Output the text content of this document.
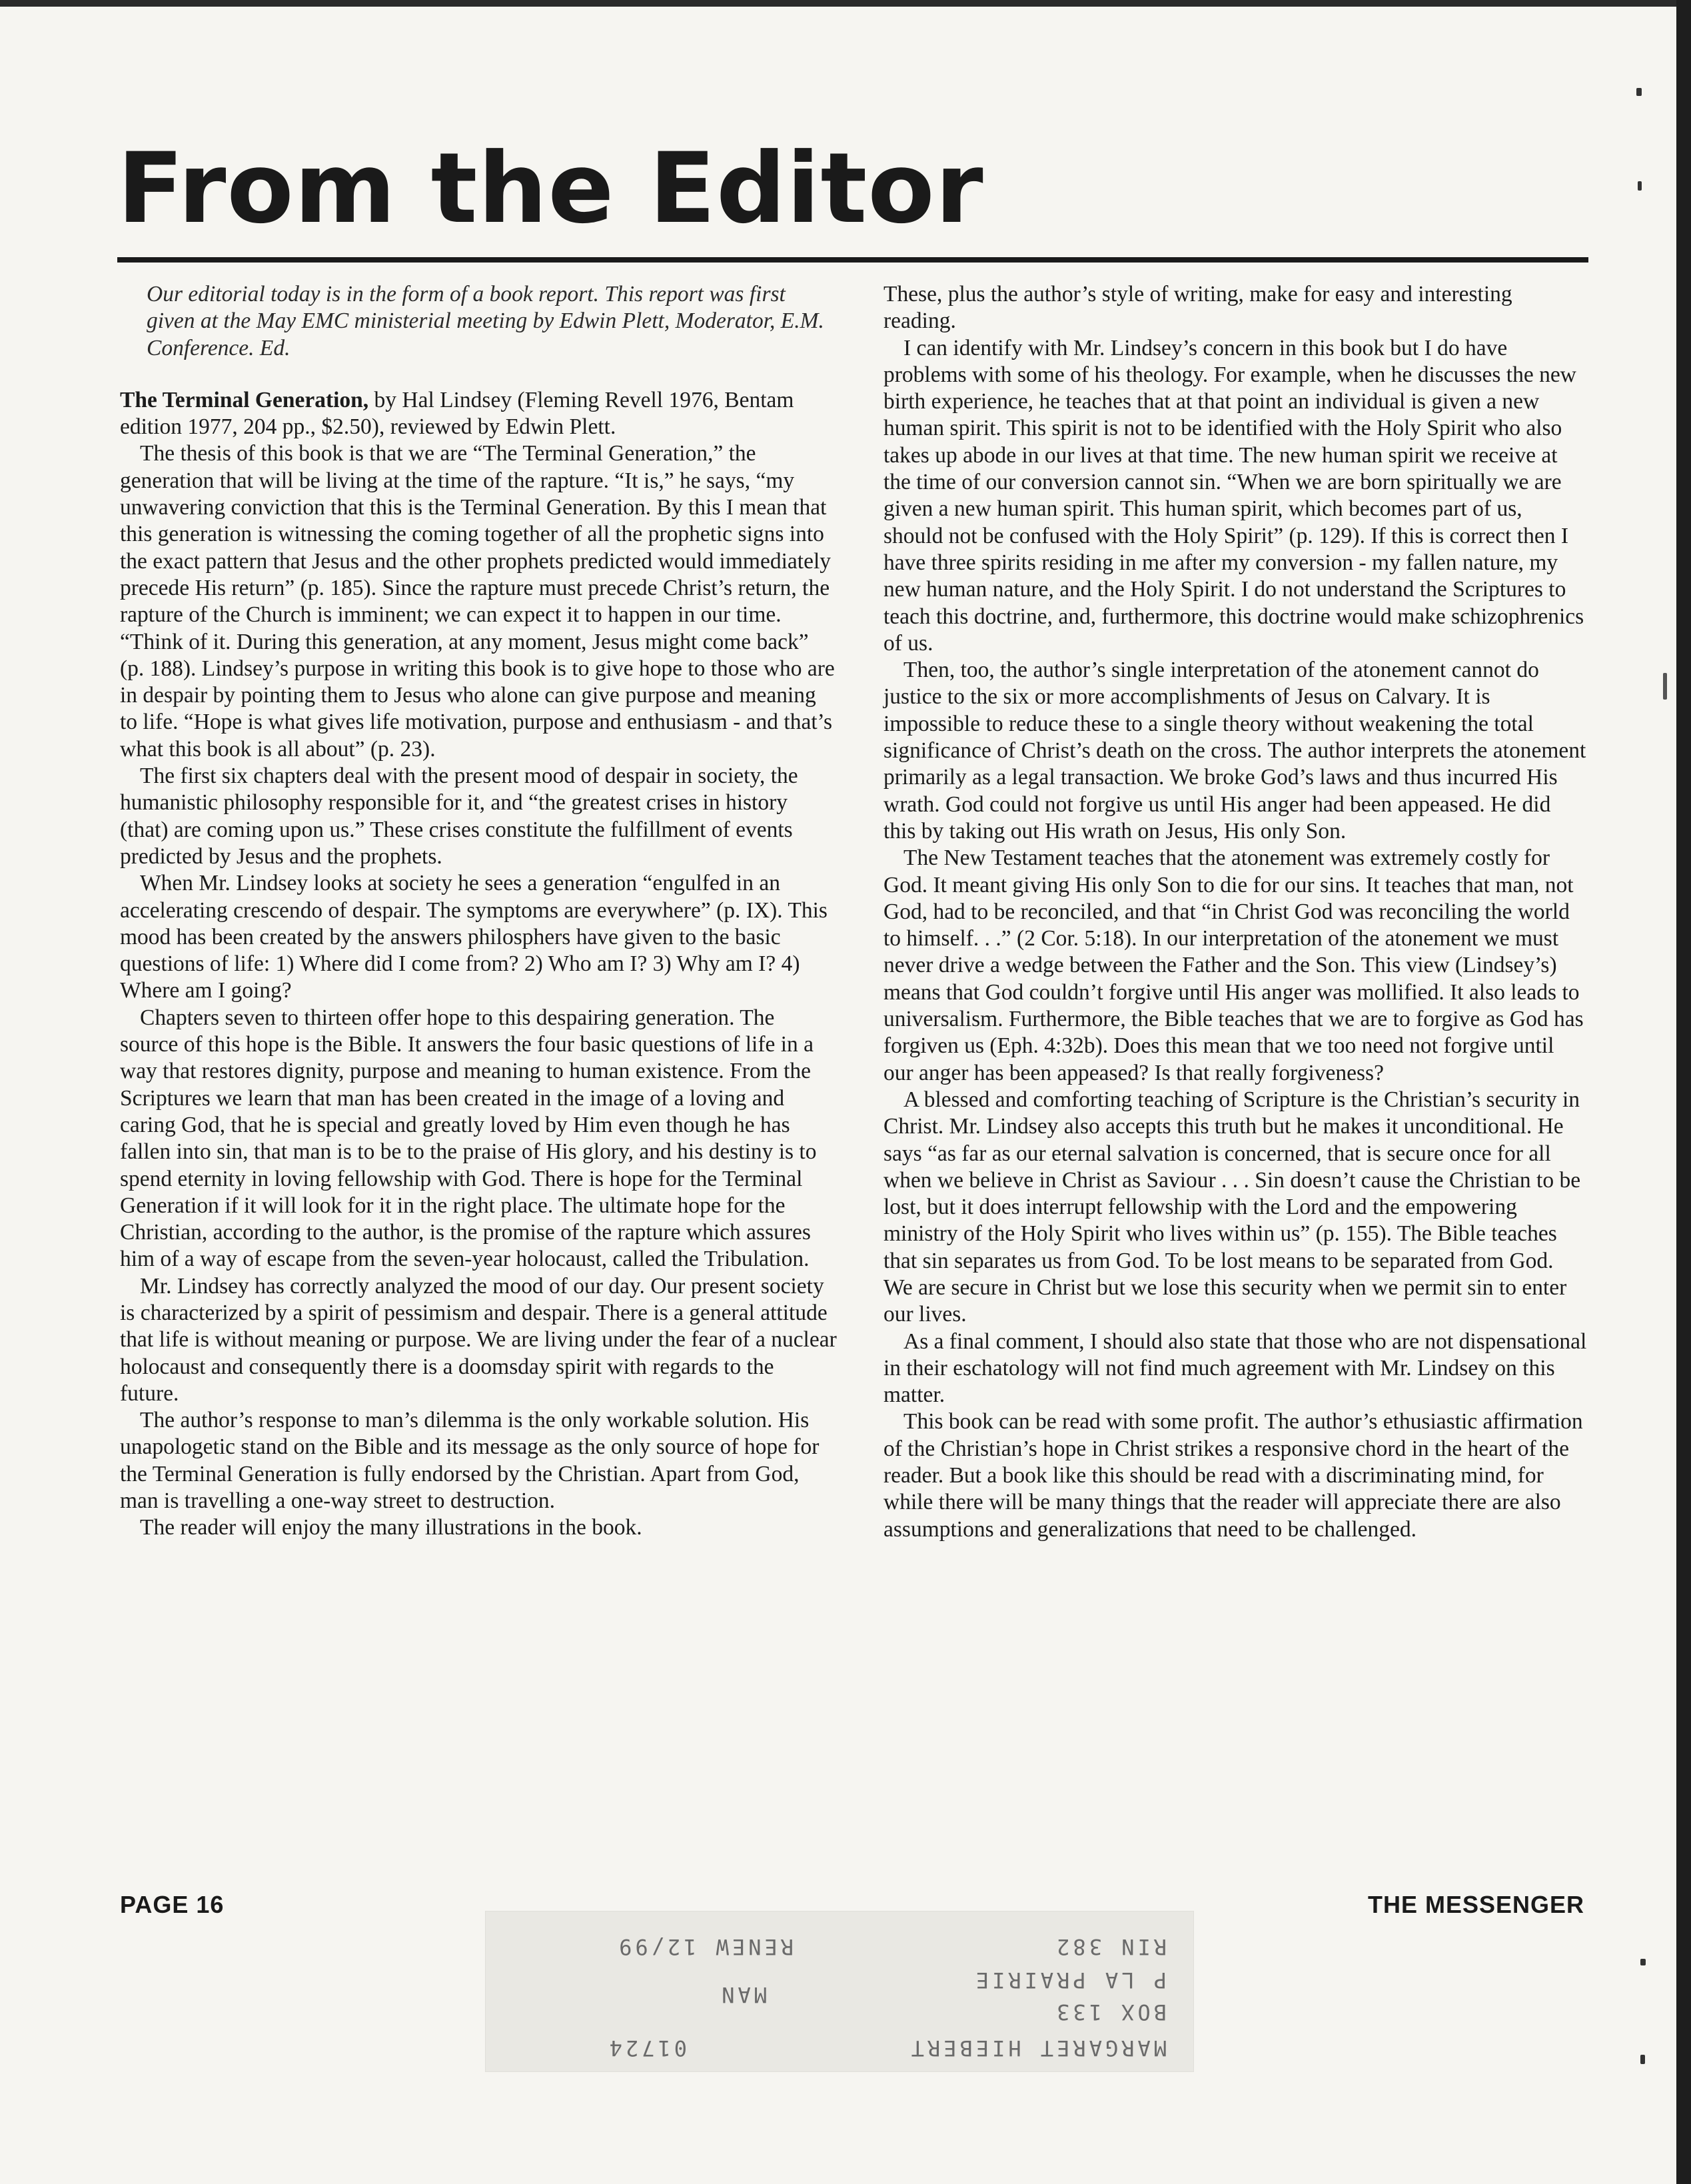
From the Editor

Our editorial today is in the form of a book report. This report was first given at the May EMC ministerial meeting by Edwin Plett, Moderator, E.M. Conference. Ed.

The Terminal Generation, by Hal Lindsey (Fleming Revell 1976, Bentam edition 1977, 204 pp., $2.50), reviewed by Edwin Plett.

The thesis of this book is that we are “The Terminal Generation,” the generation that will be living at the time of the rapture. “It is,” he says, “my unwavering conviction that this is the Terminal Generation. By this I mean that this generation is witnessing the coming together of all the prophetic signs into the exact pattern that Jesus and the other prophets predicted would immediately precede His return” (p. 185). Since the rapture must precede Christ’s return, the rapture of the Church is imminent; we can expect it to happen in our time. “Think of it. During this generation, at any moment, Jesus might come back” (p. 188). Lindsey’s purpose in writing this book is to give hope to those who are in despair by pointing them to Jesus who alone can give purpose and meaning to life. “Hope is what gives life motivation, purpose and enthusiasm - and that’s what this book is all about” (p. 23).

The first six chapters deal with the present mood of despair in society, the humanistic philosophy responsible for it, and “the greatest crises in history (that) are coming upon us.” These crises constitute the fulfillment of events predicted by Jesus and the prophets.

When Mr. Lindsey looks at society he sees a generation “engulfed in an accelerating crescendo of despair. The symptoms are everywhere” (p. IX). This mood has been created by the answers philosphers have given to the basic questions of life: 1) Where did I come from? 2) Who am I? 3) Why am I? 4) Where am I going?

Chapters seven to thirteen offer hope to this despairing generation. The source of this hope is the Bible. It answers the four basic questions of life in a way that restores dignity, purpose and meaning to human existence. From the Scriptures we learn that man has been created in the image of a loving and caring God, that he is special and greatly loved by Him even though he has fallen into sin, that man is to be to the praise of His glory, and his destiny is to spend eternity in loving fellowship with God. There is hope for the Terminal Generation if it will look for it in the right place. The ultimate hope for the Christian, according to the author, is the promise of the rapture which assures him of a way of escape from the seven-year holocaust, called the Tribulation.

Mr. Lindsey has correctly analyzed the mood of our day. Our present society is characterized by a spirit of pessimism and despair. There is a general attitude that life is without meaning or purpose. We are living under the fear of a nuclear holocaust and consequently there is a doomsday spirit with regards to the future.

The author’s response to man’s dilemma is the only workable solution. His unapologetic stand on the Bible and its message as the only source of hope for the Terminal Generation is fully endorsed by the Christian. Apart from God, man is travelling a one-way street to destruction.

The reader will enjoy the many illustrations in the book.

These, plus the author’s style of writing, make for easy and interesting reading.

I can identify with Mr. Lindsey’s concern in this book but I do have problems with some of his theology. For example, when he discusses the new birth experience, he teaches that at that point an individual is given a new human spirit. This spirit is not to be identified with the Holy Spirit who also takes up abode in our lives at that time. The new human spirit we receive at the time of our conversion cannot sin. “When we are born spiritually we are given a new human spirit. This human spirit, which becomes part of us, should not be confused with the Holy Spirit” (p. 129). If this is correct then I have three spirits residing in me after my conversion - my fallen nature, my new human nature, and the Holy Spirit. I do not understand the Scriptures to teach this doctrine, and, furthermore, this doctrine would make schizophrenics of us.

Then, too, the author’s single interpretation of the atonement cannot do justice to the six or more accomplishments of Jesus on Calvary. It is impossible to reduce these to a single theory without weakening the total significance of Christ’s death on the cross. The author interprets the atonement primarily as a legal transaction. We broke God’s laws and thus incurred His wrath. God could not forgive us until His anger had been appeased. He did this by taking out His wrath on Jesus, His only Son.

The New Testament teaches that the atonement was extremely costly for God. It meant giving His only Son to die for our sins. It teaches that man, not God, had to be reconciled, and that “in Christ God was reconciling the world to himself. . .” (2 Cor. 5:18). In our interpretation of the atonement we must never drive a wedge between the Father and the Son. This view (Lindsey’s) means that God couldn’t forgive until His anger was mollified. It also leads to universalism. Furthermore, the Bible teaches that we are to forgive as God has forgiven us (Eph. 4:32b). Does this mean that we too need not forgive until our anger has been appeased? Is that really forgiveness?

A blessed and comforting teaching of Scripture is the Christian’s security in Christ. Mr. Lindsey also accepts this truth but he makes it unconditional. He says “as far as our eternal salvation is concerned, that is secure once for all when we believe in Christ as Saviour . . . Sin doesn’t cause the Christian to be lost, but it does interrupt fellowship with the Lord and the empowering ministry of the Holy Spirit who lives within us” (p. 155). The Bible teaches that sin separates us from God. To be lost means to be separated from God. We are secure in Christ but we lose this security when we permit sin to enter our lives.

As a final comment, I should also state that those who are not dispensational in their eschatology will not find much agreement with Mr. Lindsey on this matter.

This book can be read with some profit. The author’s ethusiastic affirmation of the Christian’s hope in Christ strikes a responsive chord in the heart of the reader. But a book like this should be read with a discriminating mind, for while there will be many things that the reader will appreciate there are also assumptions and generalizations that need to be challenged.

PAGE 16	THE MESSENGER
MARGARET HIEBERT
01724
BOX 133
P LA PRAIRIE
MAN
RIN 382
RENEW 12/99
